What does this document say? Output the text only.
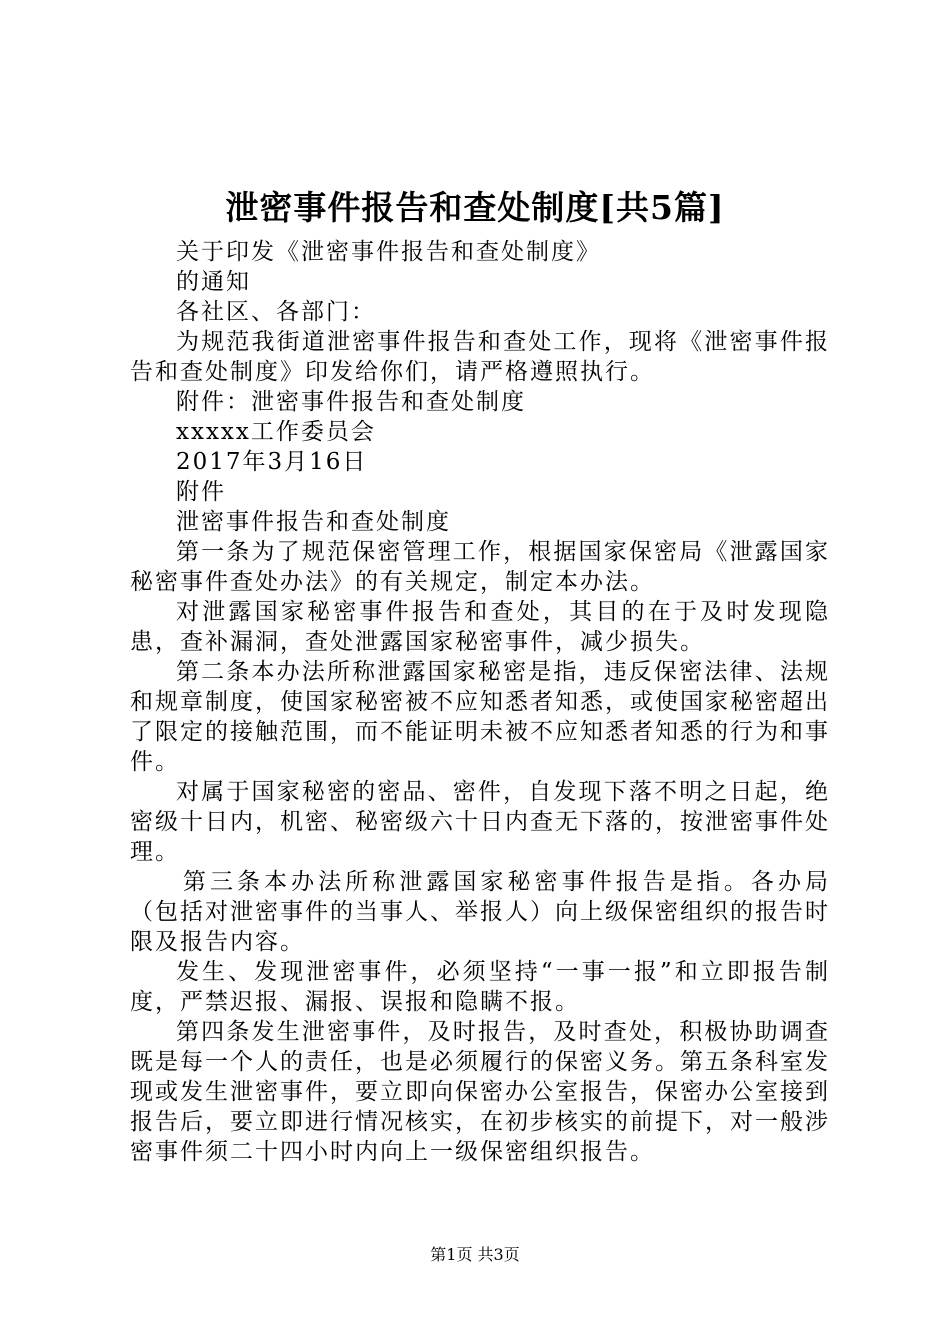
泄密事件报告和查处制度[共5篇]

关于印发《泄密事件报告和查处制度》

的通知

各社区、各部门：

为规范我街道泄密事件报告和查处工作，现将《泄密事件报告和查处制度》印发给你们，请严格遵照执行。

附件：泄密事件报告和查处制度

xxxxx工作委员会

2017年3月16日

附件

泄密事件报告和查处制度

第一条为了规范保密管理工作，根据国家保密局《泄露国家秘密事件查处办法》的有关规定，制定本办法。

对泄露国家秘密事件报告和查处，其目的在于及时发现隐患，查补漏洞，查处泄露国家秘密事件，减少损失。

第二条本办法所称泄露国家秘密是指，违反保密法律、法规和规章制度，使国家秘密被不应知悉者知悉，或使国家秘密超出了限定的接触范围，而不能证明未被不应知悉者知悉的行为和事件。

对属于国家秘密的密品、密件，自发现下落不明之日起，绝密级十日内，机密、秘密级六十日内查无下落的，按泄密事件处理。

第三条本办法所称泄露国家秘密事件报告是指。各办局（包括对泄密事件的当事人、举报人）向上级保密组织的报告时限及报告内容。

发生、发现泄密事件，必须坚持“一事一报”和立即报告制度，严禁迟报、漏报、误报和隐瞒不报。

第四条发生泄密事件，及时报告，及时查处，积极协助调查既是每一个人的责任，也是必须履行的保密义务。第五条科室发现或发生泄密事件，要立即向保密办公室报告，保密办公室接到报告后，要立即进行情况核实，在初步核实的前提下，对一般涉密事件须二十四小时内向上一级保密组织报告。

第1页 共3页
